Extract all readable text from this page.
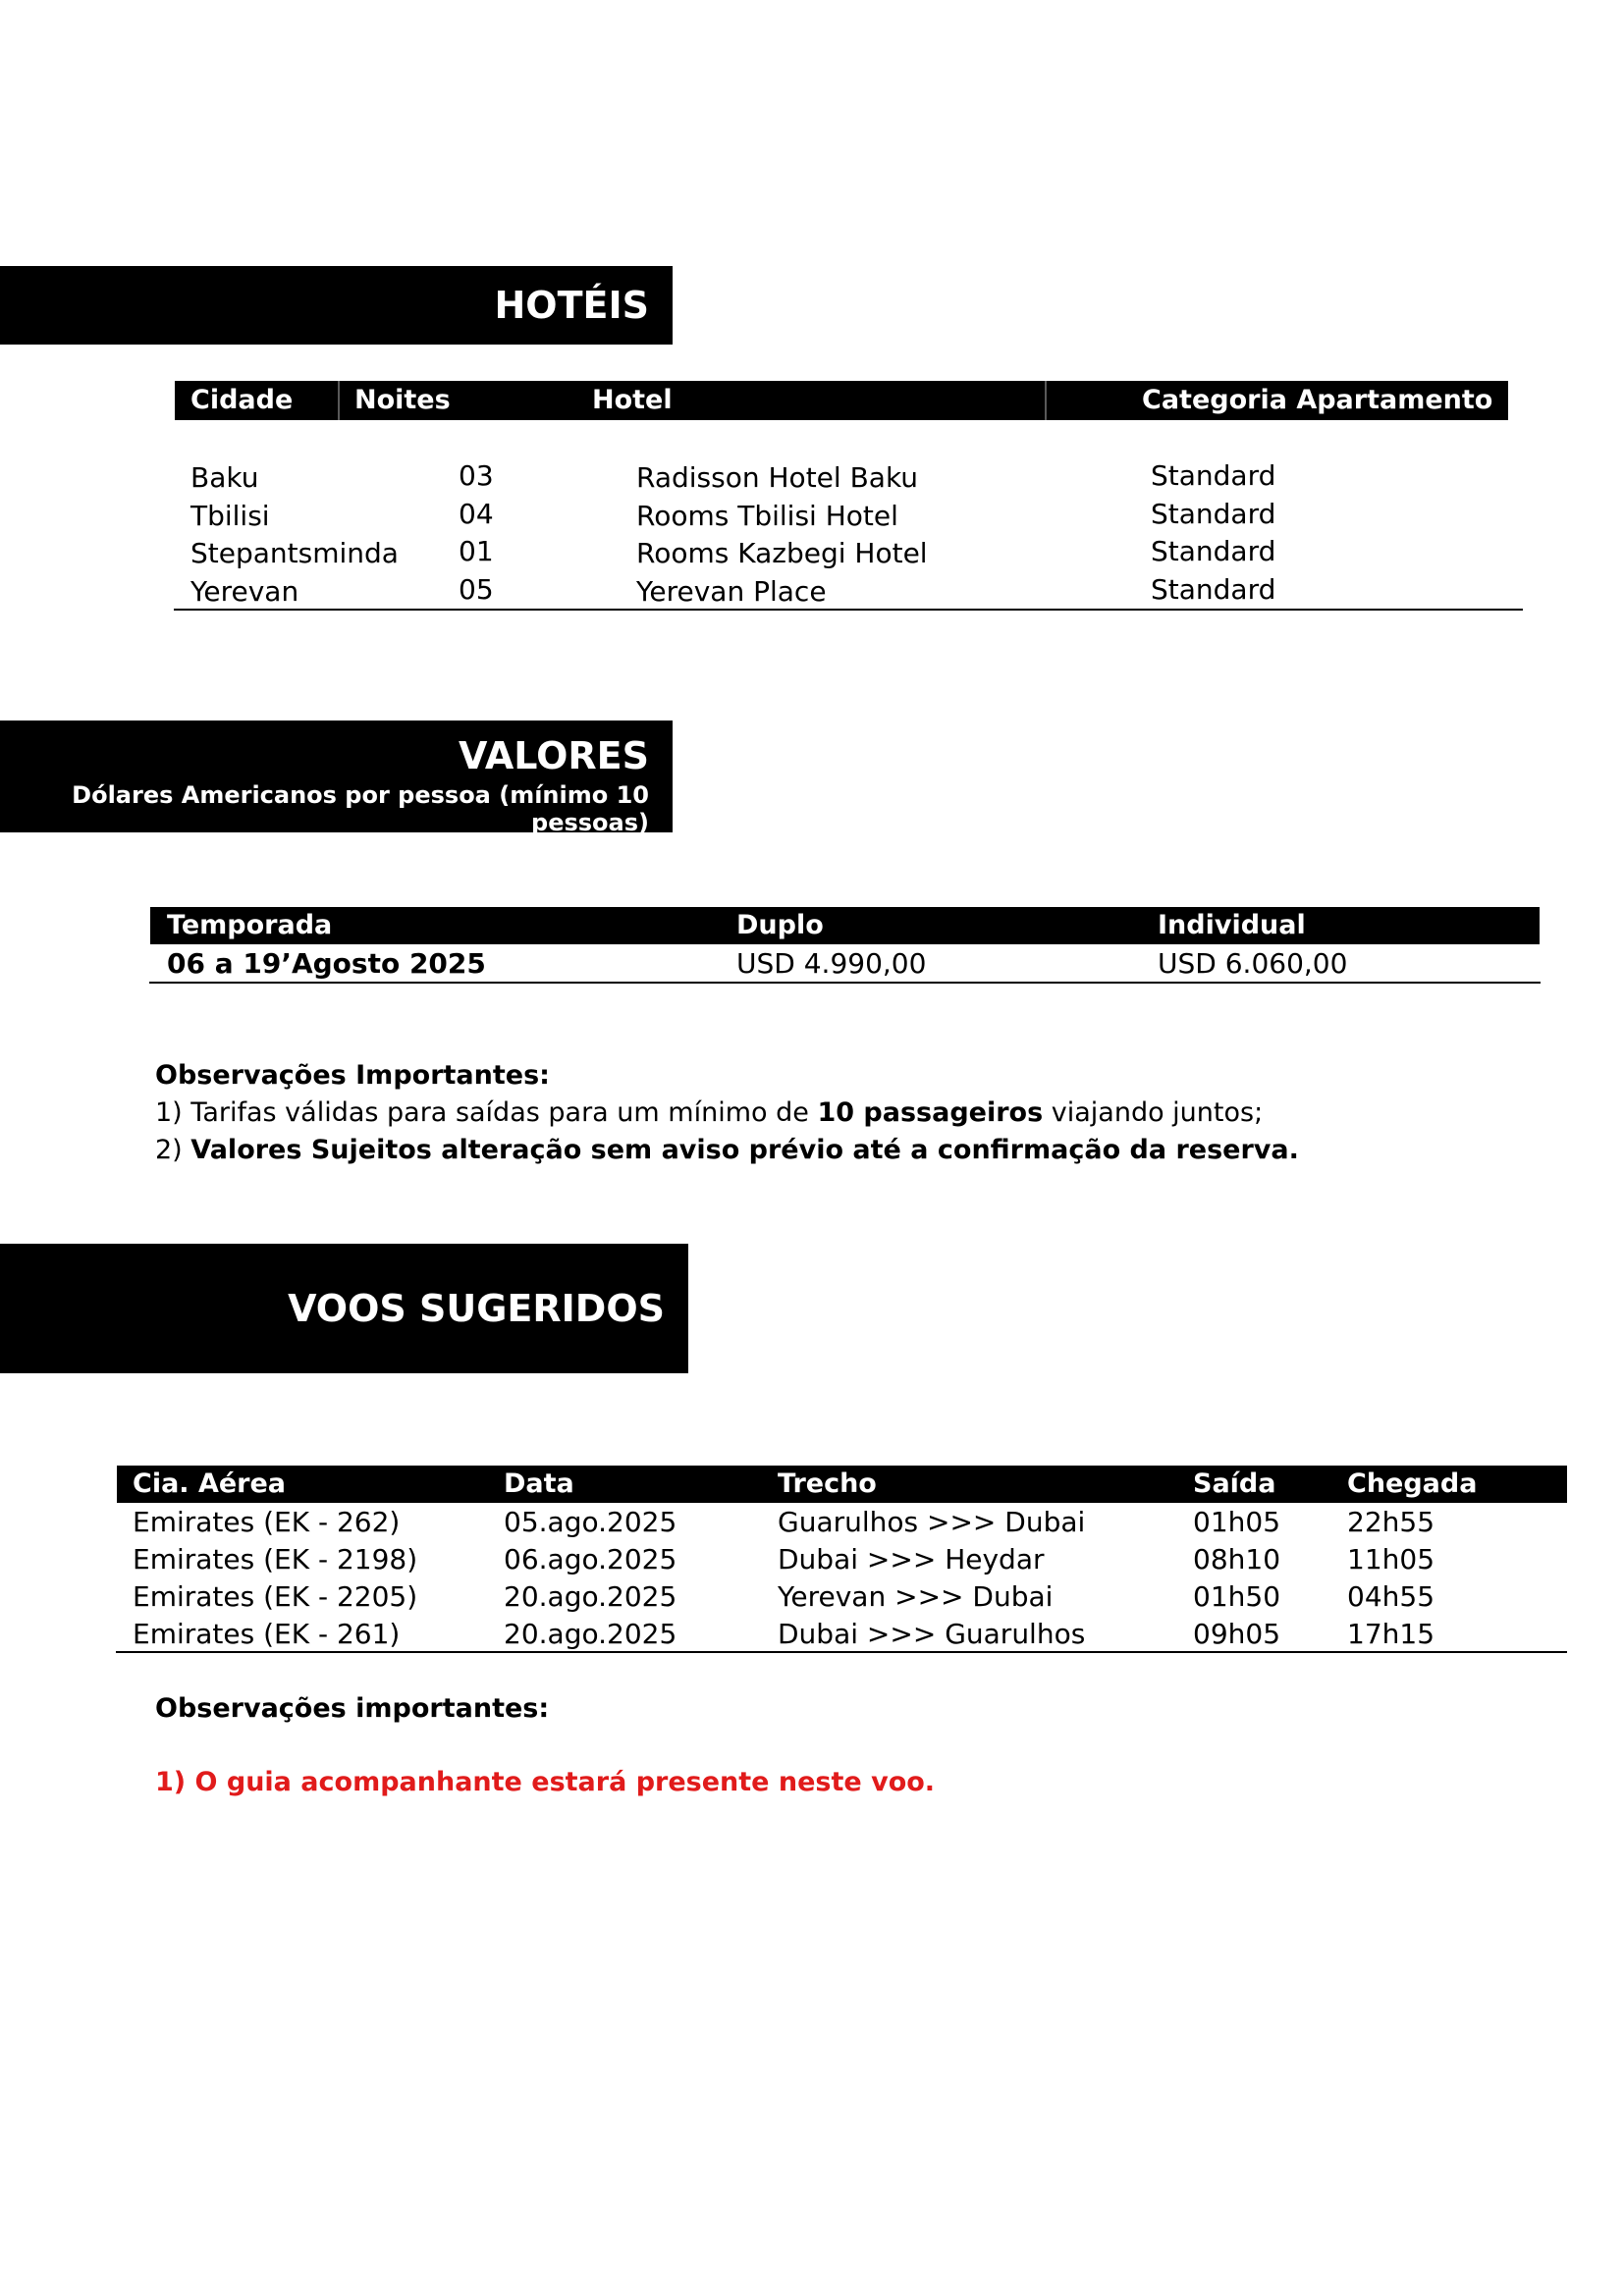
HOTÉIS
Cidade Noites	Hotel	Categoria Apartamento
Baku	03	Radisson Hotel Baku	Standard
Tbilisi	04	Rooms Tbilisi Hotel	Standard
Stepantsminda 01	Rooms Kazbegi Hotel	Standard
Yerevan	05	Yerevan Place	Standard
VALORES
Dólares Americanos por pessoa (mínimo 10 pessoas)
Temporada	Duplo	Individual
06 a 19’Agosto 2025	USD 4.990,00	USD 6.060,00
Observações Importantes:
1) Tarifas válidas para saídas para um mínimo de 10 passageiros viajando juntos;
2) Valores Sujeitos alteração sem aviso prévio até a confirmação da reserva.
VOOS SUGERIDOS
Cia. Aérea	Data	Trecho	Saída	Chegada
Emirates (EK - 262)	05.ago.2025	Guarulhos >>> Dubai	01h05 22h55
Emirates (EK - 2198)	06.ago.2025	Dubai >>> Heydar	08h10 11h05
Emirates (EK - 2205)	20.ago.2025	Yerevan >>> Dubai	01h50 04h55
Emirates (EK - 261)	20.ago.2025	Dubai >>> Guarulhos	09h05 17h15
Observações importantes:
1) O guia acompanhante estará presente neste voo.
